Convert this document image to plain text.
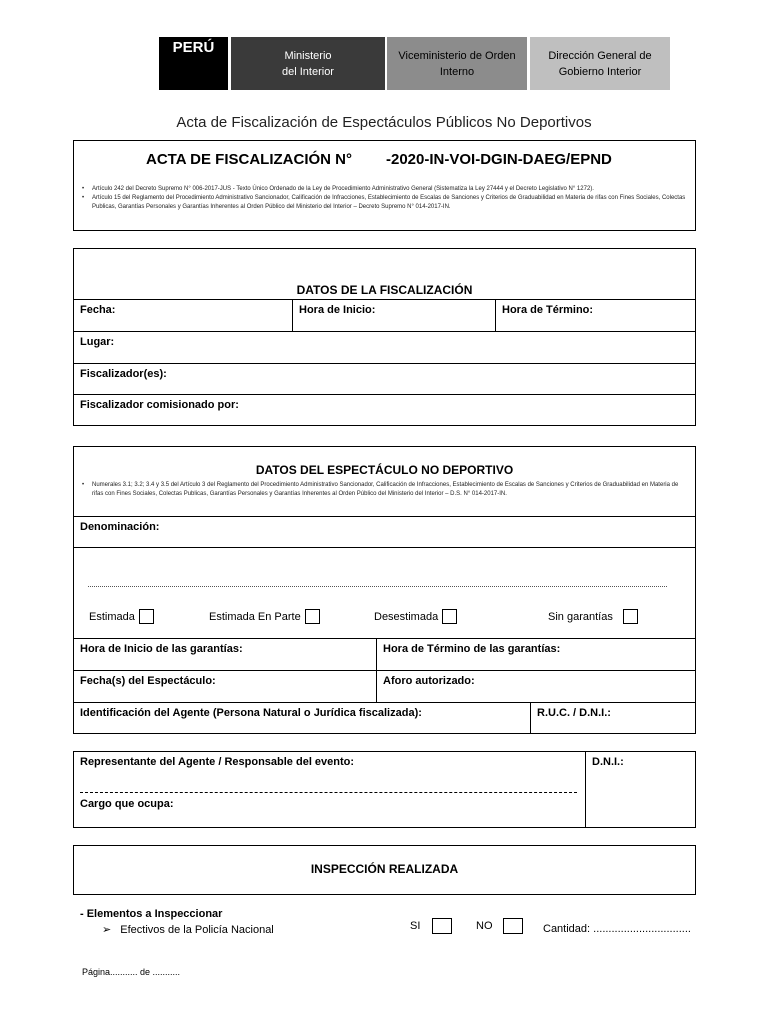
PERÚ	Ministerio
del Interior
Viceministerio de Orden
Interno
Dirección General de
Gobierno Interior
Acta de Fiscalización de Espectáculos Públicos No Deportivos
ACTA DE FISCALIZACIÓN N° -2020-IN-VOI-DGIN-DAEG/EPND
• Artículo 242 del Decreto Supremo N° 006-2017-JUS - Texto Único Ordenado de la Ley de Procedimiento Administrativo General (Sistematiza la Ley 27444 y el Decreto Legislativo N° 1272).
• Artículo 15 del Reglamento del Procedimiento Administrativo Sancionador, Calificación de Infracciones, Establecimiento de Escalas de Sanciones y Criterios de Graduabilidad en Materia de rifas con Fines Sociales, Colectas Publicas, Garantías Personales y Garantías Inherentes al Orden Público del Ministerio del Interior – Decreto Supremo N° 014-2017-IN.
DATOS DE LA FISCALIZACIÓN
Fecha:	Hora de Inicio:	Hora de Término:
Lugar:
Fiscalizador(es):
Fiscalizador comisionado por:
DATOS DEL ESPECTÁCULO NO DEPORTIVO
• Numerales 3.1; 3.2; 3.4 y 3.5 del Artículo 3 del Reglamento del Procedimiento Administrativo Sancionador, Calificación de Infracciones, Establecimiento de Escalas de Sanciones y Criterios de Graduabilidad en Materia de rifas con Fines Sociales, Colectas Publicas, Garantías Personales y Garantías Inherentes al Orden Público del Ministerio del Interior – D.S. N° 014-2017-IN.
Denominación:
Estimada	Estimada En Parte	Desestimada	Sin garantías
Hora de Inicio de las garantías:	Hora de Término de las garantías:
Fecha(s) del Espectáculo:	Aforo autorizado:
Identificación del Agente (Persona Natural o Jurídica fiscalizada):	R.U.C. / D.N.I.:
Representante del Agente / Responsable del evento:
Cargo que ocupa:
D.N.I.:
INSPECCIÓN REALIZADA
- Elementos a Inspeccionar
➢ Efectivos de la Policía Nacional	SI	NO	Cantidad: ................................
Página........... de ...........
